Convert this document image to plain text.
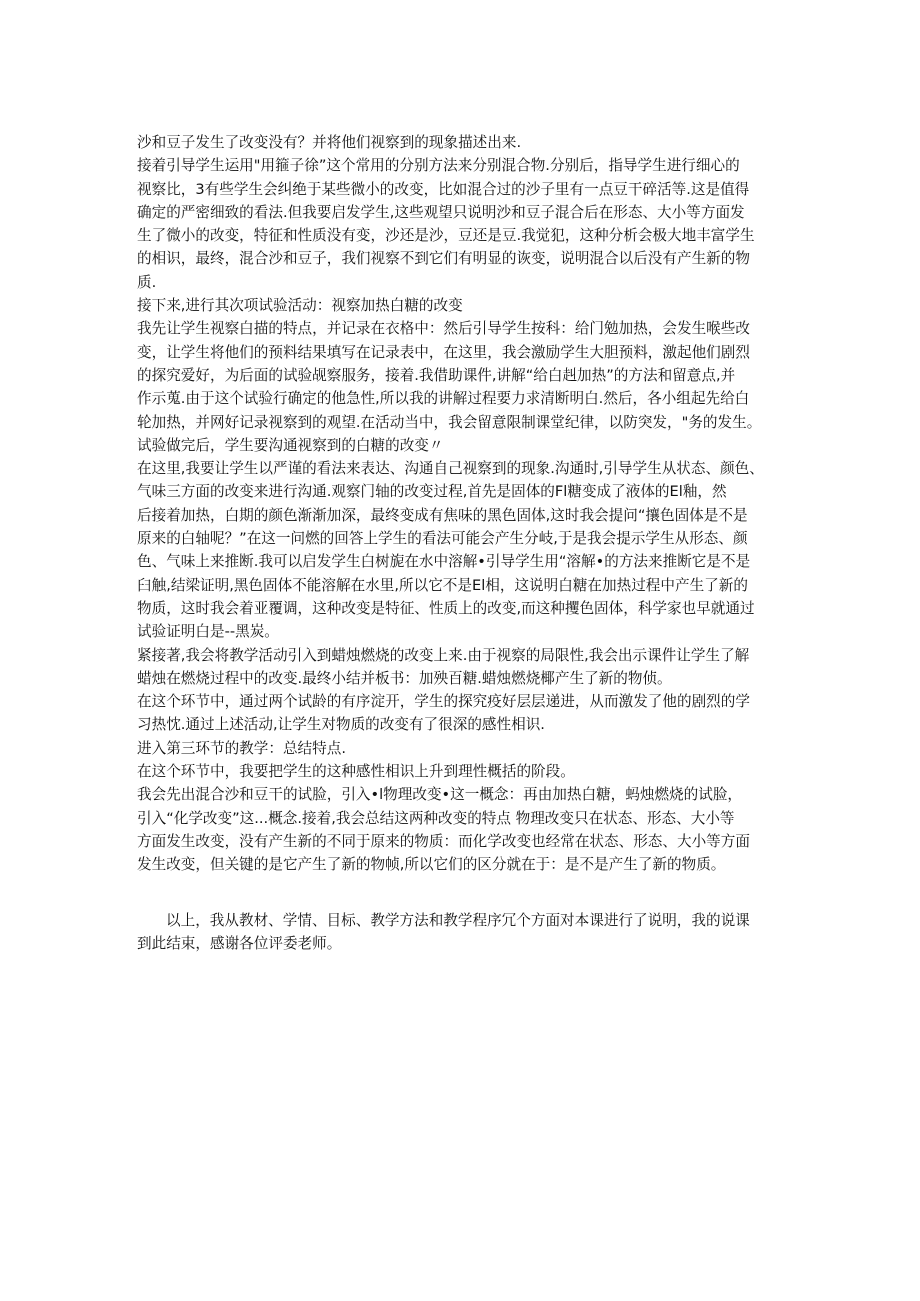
沙和豆子发生了改变没有？并将他们视察到的现象描述出来.
接着引导学生运用"用箍子徐”这个常用的分别方法来分别混合物.分别后，指导学生进行细心的
视察比，3有些学生会纠绝于某些微小的改变，比如混合过的沙子里有一点豆干碎活等.这是值得
确定的严密细致的看法.但我要启发学生,这些观望只说明沙和豆子混合后在形态、大小等方面发
生了微小的改变，特征和性质没有变，沙还是沙，豆还是豆.我觉犯，这种分析会极大地丰富学生
的相识，最终，混合沙和豆子，我们视察不到它们有明显的诙变，说明混合以后没有产生新的物
质.
接下来,进行其次项试验活动：视察加热白糖的改变
我先让学生视察白描的特点，并记录在衣格中：然后引导学生按科：给门勉加热，会发生喉些改
变，让学生将他们的预料结果填写在记录表中，在这里，我会激励学生大胆预料，激起他们剧烈
的探究爱好，为后面的试验觇察服务，接着.我借助课件,讲解“给白赳加热”的方法和留意点,并
作示蒐.由于这个试验行确定的他急性,所以我的讲解过程要力求清断明白.然后，各小组起先给白
轮加热，并网好记录视察到的观望.在活动当中，我会留意限制课堂纪律，以防突发，"务的发生。
试验做完后，学生要沟通视察到的白糖的改变〃
在这里,我要让学生以严谨的看法来表达、沟通自己视察到的现象.沟通时,引导学生从状态、颜色、
气味三方面的改变来进行沟通.观察门轴的改变过程,首先是固体的Fl糖变成了液体的El釉，然
后接着加热，白期的颜色渐渐加深，最终变成有焦味的黑色固体,这时我会提问“攘色固体是不是
原来的白轴呢？”在这一问燃的回答上学生的看法可能会产生分岐,于是我会提示学生从形态、颜
色、气味上来推断.我可以启发学生白树旎在水中溶解•引导学生用“溶解•的方法来推断它是不是
臼触,结梁证明,黑色固体不能溶解在水里,所以它不是El相，这说明白糖在加热过程中产生了新的
物质，这时我会着亚覆调，这种改变是特征、性质上的改变,而这种攫色固体，科学家也早就通过
试验证明白是--黑炭。
紧接著,我会将教学活动引入到蜡烛燃烧的改变上来.由于视察的局限性,我会出示课件让学生了解
蜡烛在燃烧过程中的改变.最终小结并板书：加殃百糖.蜡烛燃烧椰产生了新的物侦。
在这个环节中，通过两个试龄的有序淀开，学生的探究疫好层层递进，从而激发了他的剧烈的学
习热忱.通过上述活动,让学生对物质的改变有了很深的感性相识.
进入第三环节的教学：总结特点.
在这个环节中，我要把学生的这种感性相识上升到理性概括的阶段。
我会先出混合沙和豆干的试脸，引入•l物理改变•这一概念：再由加热白糖，蚂烛燃烧的试脸，
引入“化学改变”这...概念.接着,我会总结这两种改变的特点 物理改变只在状态、形态、大小等
方面发生改变，没有产生新的不同于原来的物质：而化学改变也经常在状态、形态、大小等方面
发生改变，但关键的是它产生了新的物帧,所以它们的区分就在于：是不是产生了新的物质。
以上，我从教材、学情、目标、教学方法和教学程序冗个方面对本课进行了说明，我的说课
到此结束，感谢各位评委老师。
